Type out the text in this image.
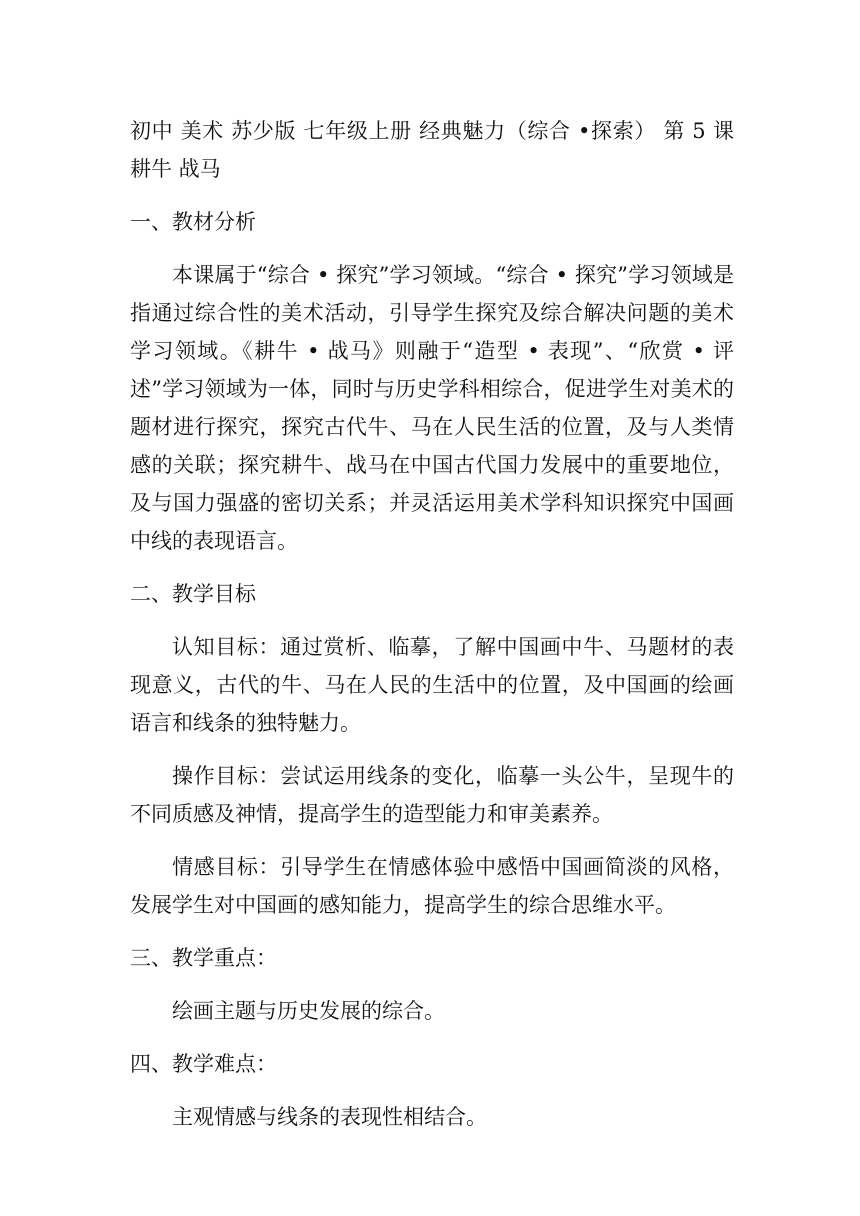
初中 美术 苏少版 七年级上册 经典魅力（综合 •探索） 第 5 课 耕牛 战马

一、教材分析

本课属于“综合 • 探究”学习领域。“综合 • 探究”学习领域是指通过综合性的美术活动，引导学生探究及综合解决问题的美术学习领域。《耕牛 • 战马》则融于“造型 • 表现”、“欣赏 • 评述”学习领域为一体，同时与历史学科相综合，促进学生对美术的题材进行探究，探究古代牛、马在人民生活的位置，及与人类情感的关联；探究耕牛、战马在中国古代国力发展中的重要地位，及与国力强盛的密切关系；并灵活运用美术学科知识探究中国画中线的表现语言。

二、教学目标

认知目标：通过赏析、临摹，了解中国画中牛、马题材的表现意义，古代的牛、马在人民的生活中的位置，及中国画的绘画语言和线条的独特魅力。

操作目标：尝试运用线条的变化，临摹一头公牛，呈现牛的不同质感及神情，提高学生的造型能力和审美素养。

情感目标：引导学生在情感体验中感悟中国画简淡的风格，发展学生对中国画的感知能力，提高学生的综合思维水平。

三、教学重点：

绘画主题与历史发展的综合。

四、教学难点：

主观情感与线条的表现性相结合。
